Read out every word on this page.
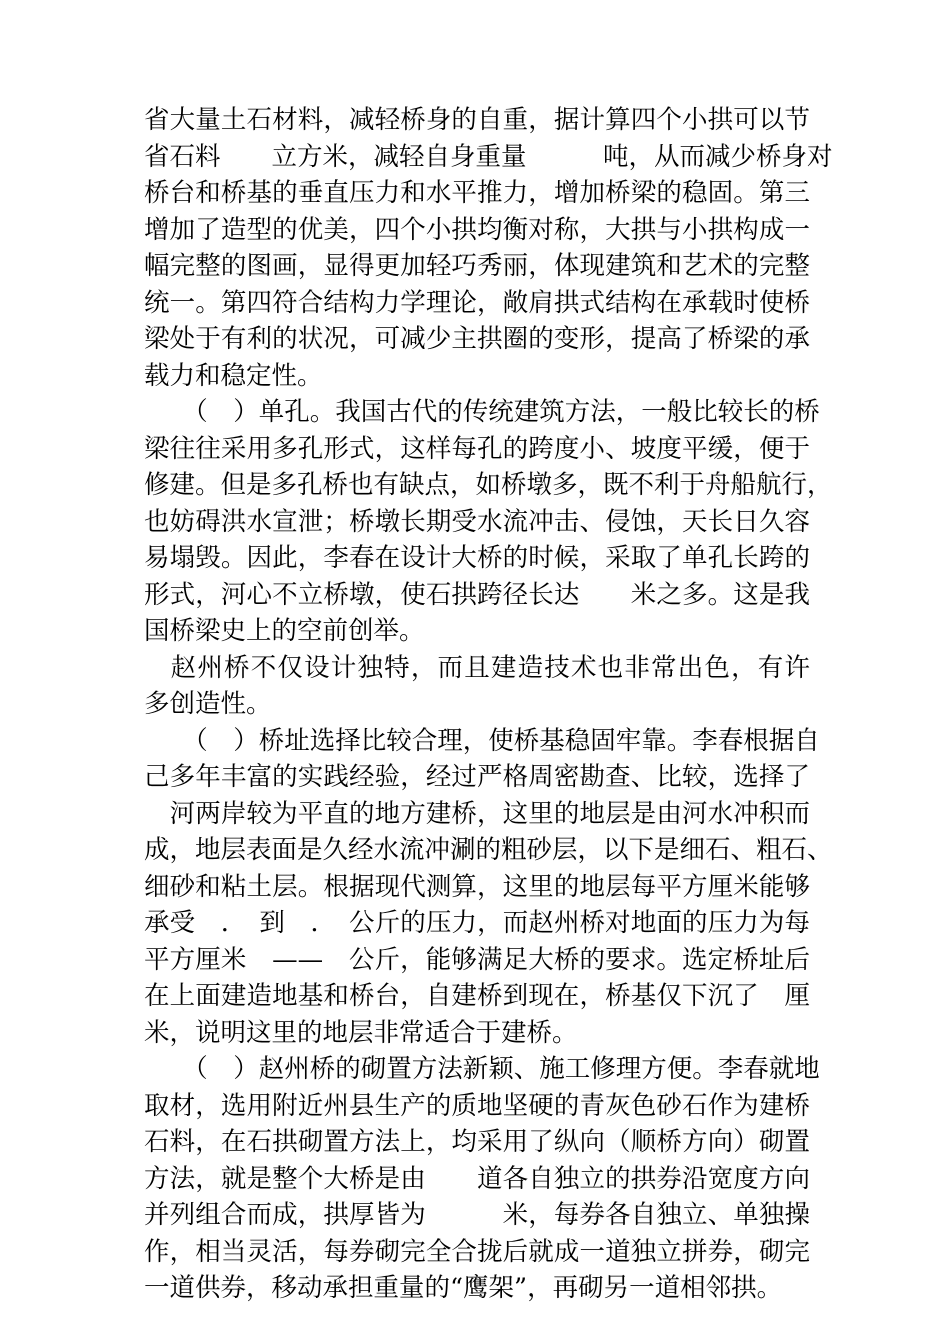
省大量土石材料，减轻桥身的自重，据计算四个小拱可以节
省石料　　立方米，减轻自身重量　　　吨，从而减少桥身对
桥台和桥基的垂直压力和水平推力，增加桥梁的稳固。第三
增加了造型的优美，四个小拱均衡对称，大拱与小拱构成一
幅完整的图画，显得更加轻巧秀丽，体现建筑和艺术的完整
统一。第四符合结构力学理论，敞肩拱式结构在承载时使桥
梁处于有利的状况，可减少主拱圈的变形，提高了桥梁的承
载力和稳定性。
　　（　）单孔。我国古代的传统建筑方法，一般比较长的桥
梁往往采用多孔形式，这样每孔的跨度小、坡度平缓，便于
修建。但是多孔桥也有缺点，如桥墩多，既不利于舟船航行，
也妨碍洪水宣泄；桥墩长期受水流冲击、侵蚀，天长日久容
易塌毁。因此，李春在设计大桥的时候，采取了单孔长跨的
形式，河心不立桥墩，使石拱跨径长达　　米之多。这是我
国桥梁史上的空前创举。
　赵州桥不仅设计独特，而且建造技术也非常出色，有许
多创造性。
　　（　）桥址选择比较合理，使桥基稳固牢靠。李春根据自
己多年丰富的实践经验，经过严格周密勘查、比较，选择了
　河两岸较为平直的地方建桥，这里的地层是由河水冲积而
成，地层表面是久经水流冲涮的粗砂层，以下是细石、粗石、
细砂和粘土层。根据现代测算，这里的地层每平方厘米能够
承受　．　到　．　公斤的压力，而赵州桥对地面的压力为每
平方厘米　——　公斤，能够满足大桥的要求。选定桥址后
在上面建造地基和桥台，自建桥到现在，桥基仅下沉了　厘
米，说明这里的地层非常适合于建桥。
　　（　）赵州桥的砌置方法新颖、施工修理方便。李春就地
取材，选用附近州县生产的质地坚硬的青灰色砂石作为建桥
石料，在石拱砌置方法上，均采用了纵向（顺桥方向）砌置
方法，就是整个大桥是由　　道各自独立的拱券沿宽度方向
并列组合而成，拱厚皆为　　　米，每券各自独立、单独操
作，相当灵活，每券砌完全合拢后就成一道独立拼券，砌完
一道供券，移动承担重量的“鹰架”，再砌另一道相邻拱。
